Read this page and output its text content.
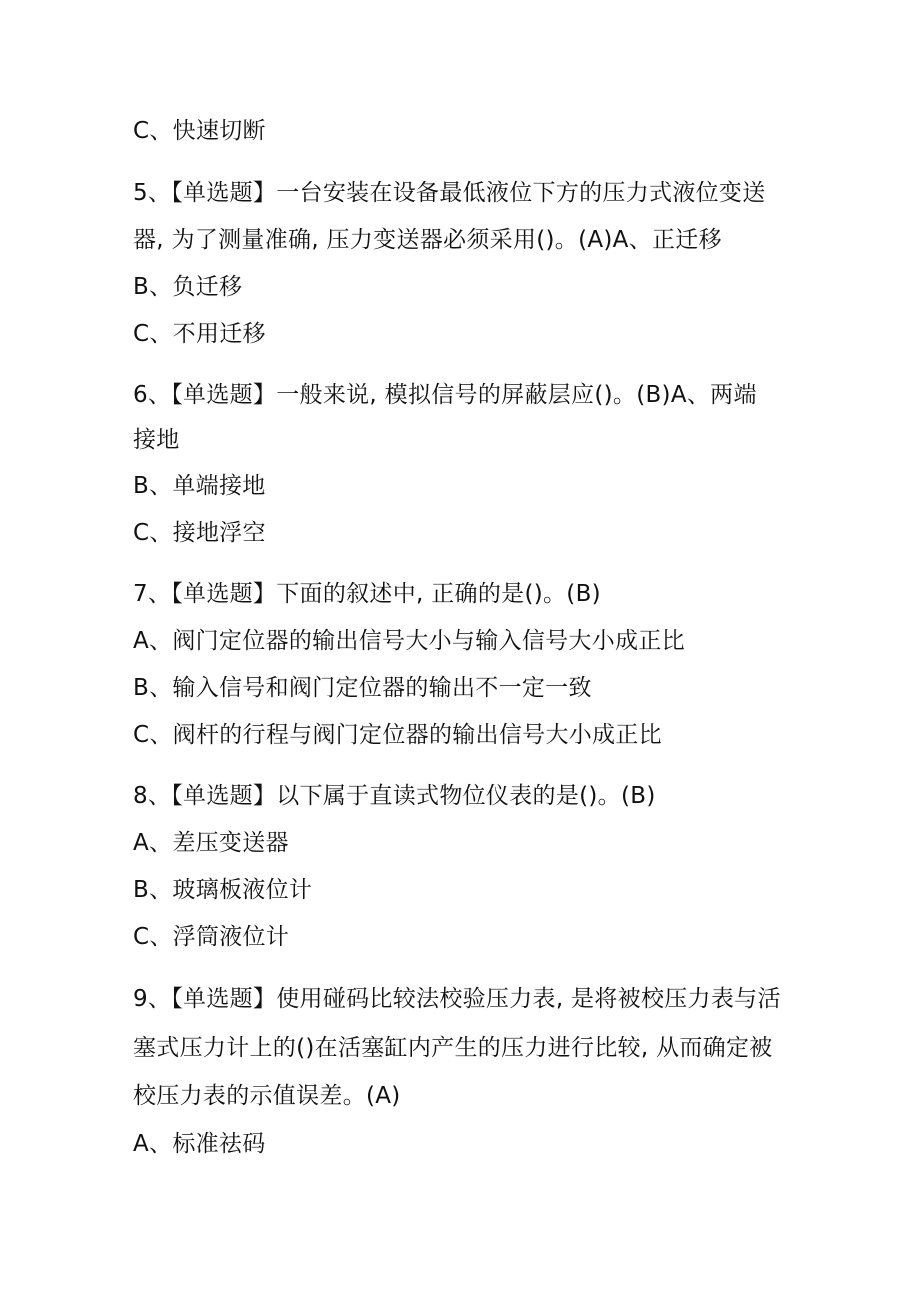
C、快速切断
5、【单选题】一台安装在设备最低液位下方的压力式液位变送
器, 为了测量准确, 压力变送器必须采用()。(A)A、正迁移
B、负迁移
C、不用迁移
6、【单选题】一般来说, 模拟信号的屏蔽层应()。(B)A、两端
接地
B、单端接地
C、接地浮空
7、【单选题】下面的叙述中, 正确的是()。(B)
A、阀门定位器的输出信号大小与输入信号大小成正比
B、输入信号和阀门定位器的输出不一定一致
C、阀杆的行程与阀门定位器的输出信号大小成正比
8、【单选题】以下属于直读式物位仪表的是()。(B)
A、差压变送器
B、玻璃板液位计
C、浮筒液位计
9、【单选题】使用碰码比较法校验压力表, 是将被校压力表与活
塞式压力计上的()在活塞缸内产生的压力进行比较, 从而确定被
校压力表的示值误差。(A)
A、标准祛码
